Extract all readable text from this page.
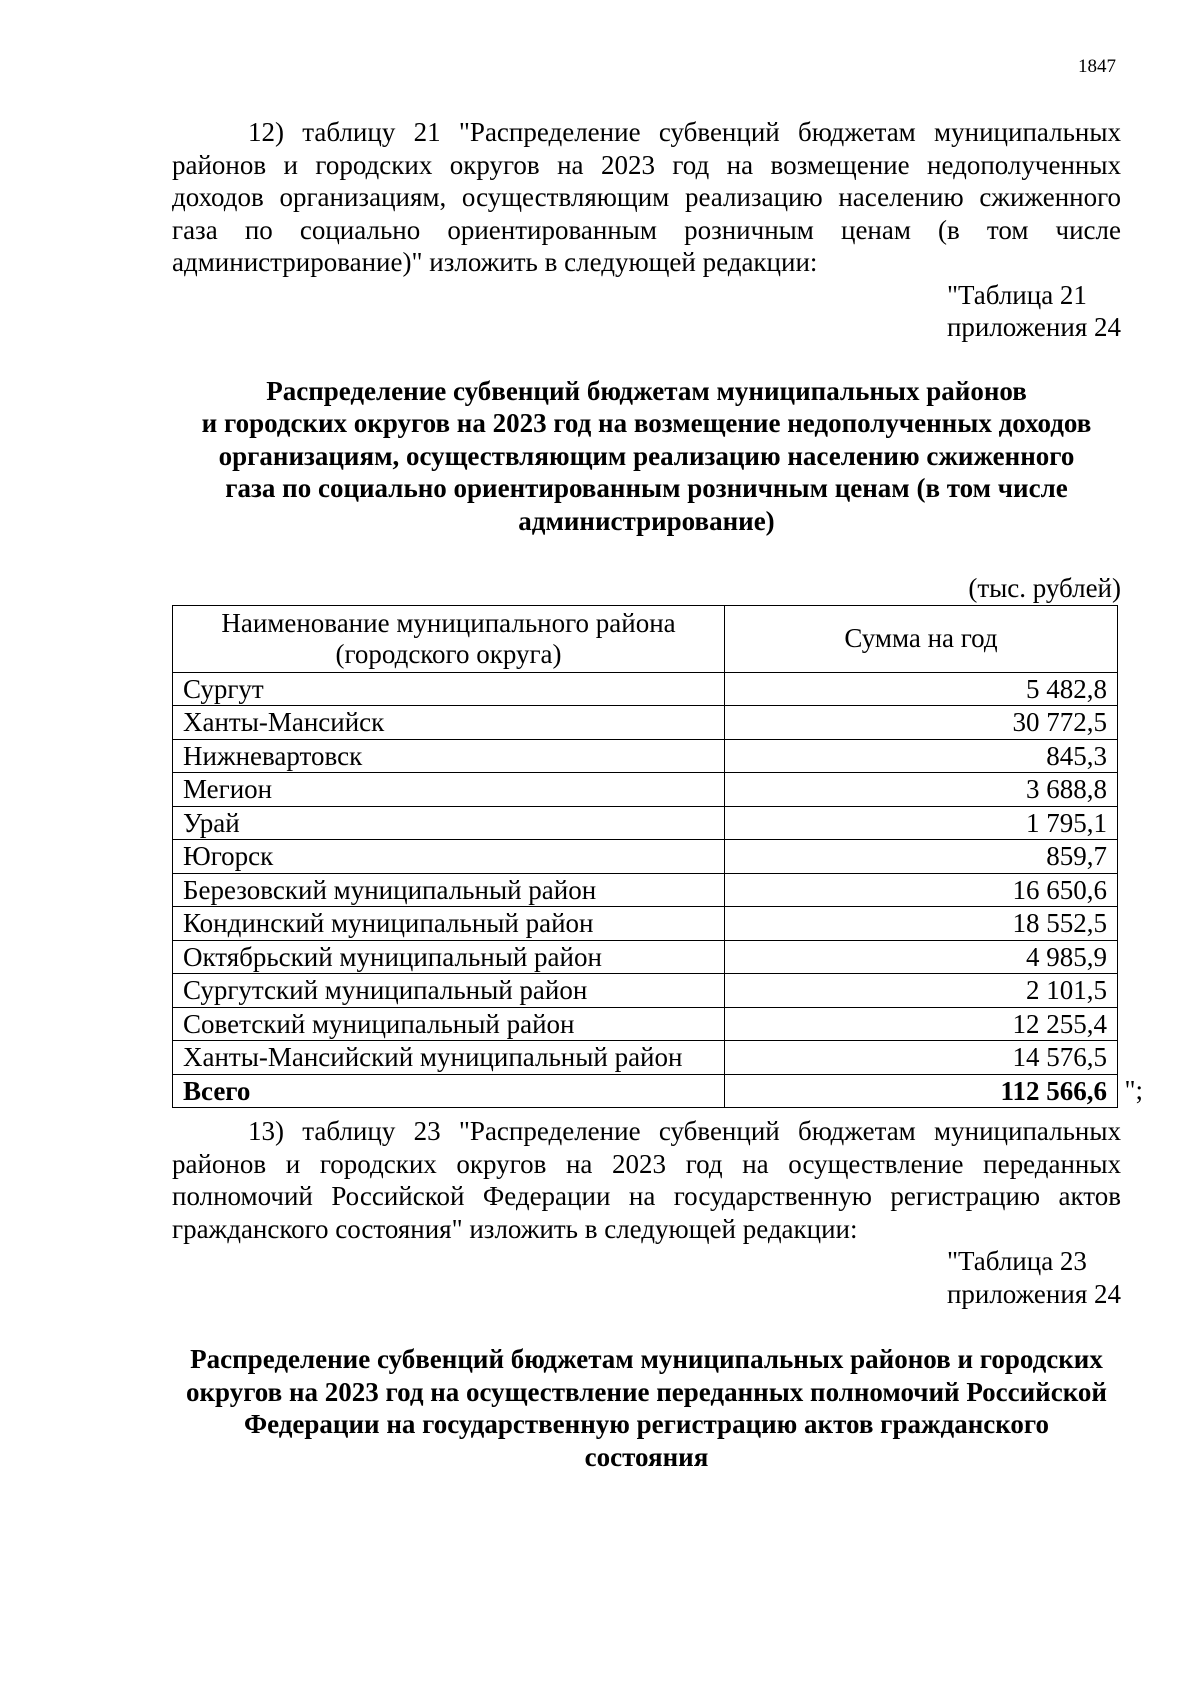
1847

12) таблицу 21 "Распределение субвенций бюджетам муниципальных районов и городских округов на 2023 год на возмещение недополученных доходов организациям, осуществляющим реализацию населению сжиженного газа по социально ориентированным розничным ценам (в том числе администрирование)" изложить в следующей редакции:

"Таблица 21
приложения 24
Распределение субвенций бюджетам муниципальных районов
и городских округов на 2023 год на возмещение недополученных доходов
организациям, осуществляющим реализацию населению сжиженного
газа по социально ориентированным розничным ценам (в том числе
администрирование)
(тыс. рублей)
Наименование муниципального района
(городского округа)	Сумма на год
Сургут	5 482,8
Ханты-Мансийск	30 772,5
Нижневартовск	845,3
Мегион	3 688,8
Урай	1 795,1
Югорск	859,7
Березовский муниципальный район	16 650,6
Кондинский муниципальный район	18 552,5
Октябрьский муниципальный район	4 985,9
Сургутский муниципальный район	2 101,5
Советский муниципальный район	12 255,4
Ханты-Мансийский муниципальный район	14 576,5
Всего	112 566,6 ";

13) таблицу 23 "Распределение субвенций бюджетам муниципальных районов и городских округов на 2023 год на осуществление переданных полномочий Российской Федерации на государственную регистрацию актов гражданского состояния" изложить в следующей редакции:

"Таблица 23
приложения 24
Распределение субвенций бюджетам муниципальных районов и городских
округов на 2023 год на осуществление переданных полномочий Российской
Федерации на государственную регистрацию актов гражданского
состояния
